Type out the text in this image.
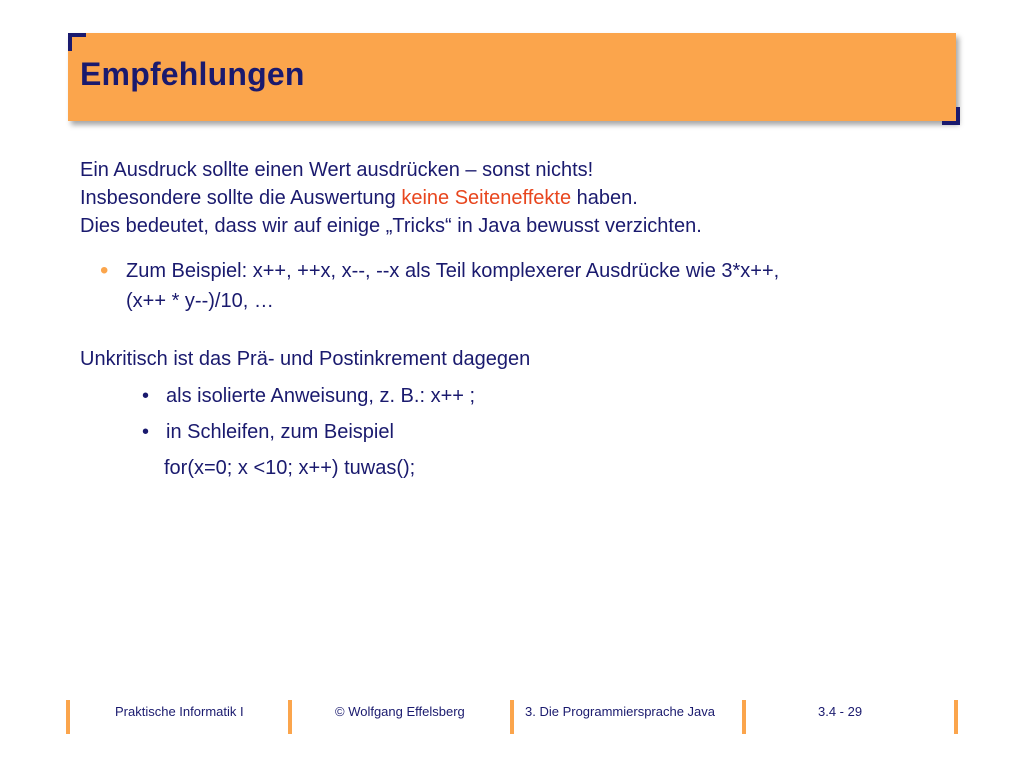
Empfehlungen
Ein Ausdruck sollte einen Wert ausdrücken – sonst nichts!
Insbesondere sollte die Auswertung keine Seiteneffekte haben.
Dies bedeutet, dass wir auf einige „Tricks“ in Java bewusst verzichten.
• Zum Beispiel: x++, ++x, x--, --x als Teil komplexerer Ausdrücke wie 3*x++,
(x++ * y--)/10, …

Unkritisch ist das Prä- und Postinkrement dagegen

• als isolierte Anweisung, z. B.: x++ ;
• in Schleifen, zum Beispiel
for(x=0; x <10; x++) tuwas();
Praktische Informatik I	© Wolfgang Effelsberg	3. Die Programmiersprache Java	3.4 - 29
